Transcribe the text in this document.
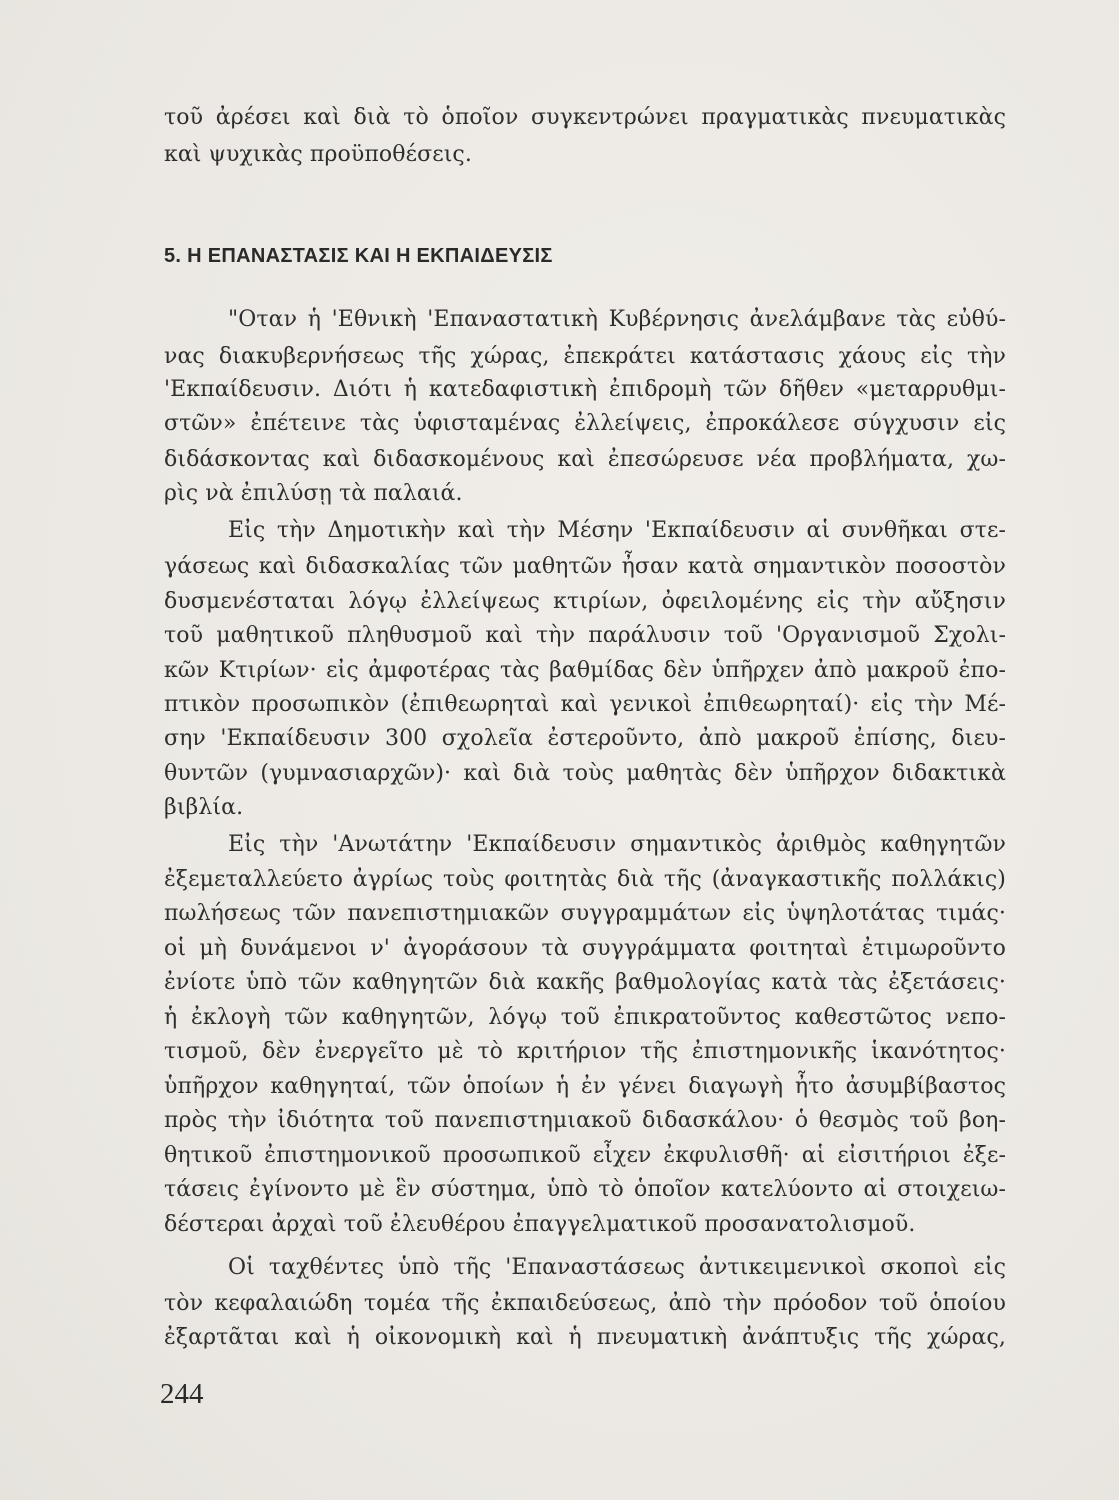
τοῦ ἀρέσει καὶ διὰ τὸ ὁποῖον συγκεντρώνει πραγματικὰς πνευματικὰς
καὶ ψυχικὰς προϋποθέσεις.
5. Η ΕΠΑΝΑΣΤΑΣΙΣ ΚΑΙ Η ΕΚΠΑΙΔΕΥΣΙΣ
"Οταν ἡ 'Εθνικὴ 'Επαναστατικὴ Κυβέρνησις ἀνελάμβανε τὰς εὐθύ-
νας διακυβερνήσεως τῆς χώρας, ἐπεκράτει κατάστασις χάους εἰς τὴν
'Εκπαίδευσιν. Διότι ἡ κατεδαφιστικὴ ἐπιδρομὴ τῶν δῆθεν «μεταρρυθμι-
στῶν» ἐπέτεινε τὰς ὑφισταμένας ἐλλείψεις, ἐπροκάλεσε σύγχυσιν εἰς
διδάσκοντας καὶ διδασκομένους καὶ ἐπεσώρευσε νέα προβλήματα, χω-
ρὶς νὰ ἐπιλύσῃ τὰ παλαιά.
Εἰς τὴν Δημοτικὴν καὶ τὴν Μέσην 'Εκπαίδευσιν αἱ συνθῆκαι στε-
γάσεως καὶ διδασκαλίας τῶν μαθητῶν ἦσαν κατὰ σημαντικὸν ποσοστὸν
δυσμενέσταται λόγῳ ἐλλείψεως κτιρίων, ὀφειλομένης εἰς τὴν αὔξησιν
τοῦ μαθητικοῦ πληθυσμοῦ καὶ τὴν παράλυσιν τοῦ 'Οργανισμοῦ Σχολι-
κῶν Κτιρίων· εἰς ἀμφοτέρας τὰς βαθμίδας δὲν ὑπῆρχεν ἀπὸ μακροῦ ἐπο-
πτικὸν προσωπικὸν (ἐπιθεωρηταὶ καὶ γενικοὶ ἐπιθεωρηταί)· εἰς τὴν Μέ-
σην 'Εκπαίδευσιν 300 σχολεῖα ἐστεροῦντο, ἀπὸ μακροῦ ἐπίσης, διευ-
θυντῶν (γυμνασιαρχῶν)· καὶ διὰ τοὺς μαθητὰς δὲν ὑπῆρχον διδακτικὰ
βιβλία.
Εἰς τὴν 'Ανωτάτην 'Εκπαίδευσιν σημαντικὸς ἀριθμὸς καθηγητῶν
ἐξεμεταλλεύετο ἀγρίως τοὺς φοιτητὰς διὰ τῆς (ἀναγκαστικῆς πολλάκις)
πωλήσεως τῶν πανεπιστημιακῶν συγγραμμάτων εἰς ὑψηλοτάτας τιμάς·
οἱ μὴ δυνάμενοι ν' ἀγοράσουν τὰ συγγράμματα φοιτηταὶ ἐτιμωροῦντο
ἐνίοτε ὑπὸ τῶν καθηγητῶν διὰ κακῆς βαθμολογίας κατὰ τὰς ἐξετάσεις·
ἡ ἐκλογὴ τῶν καθηγητῶν, λόγῳ τοῦ ἐπικρατοῦντος καθεστῶτος νεπο-
τισμοῦ, δὲν ἐνεργεῖτο μὲ τὸ κριτήριον τῆς ἐπιστημονικῆς ἱκανότητος·
ὑπῆρχον καθηγηταί, τῶν ὁποίων ἡ ἐν γένει διαγωγὴ ἦτο ἀσυμβίβαστος
πρὸς τὴν ἰδιότητα τοῦ πανεπιστημιακοῦ διδασκάλου· ὁ θεσμὸς τοῦ βοη-
θητικοῦ ἐπιστημονικοῦ προσωπικοῦ εἶχεν ἐκφυλισθῆ· αἱ εἰσιτήριοι ἐξε-
τάσεις ἐγίνοντο μὲ ἓν σύστημα, ὑπὸ τὸ ὁποῖον κατελύοντο αἱ στοιχειω-
δέστεραι ἀρχαὶ τοῦ ἐλευθέρου ἐπαγγελματικοῦ προσανατολισμοῦ.
Οἱ ταχθέντες ὑπὸ τῆς 'Επαναστάσεως ἀντικειμενικοὶ σκοποὶ εἰς
τὸν κεφαλαιώδη τομέα τῆς ἐκπαιδεύσεως, ἀπὸ τὴν πρόοδον τοῦ ὁποίου
ἐξαρτᾶται καὶ ἡ οἰκονομικὴ καὶ ἡ πνευματικὴ ἀνάπτυξις τῆς χώρας,
244
